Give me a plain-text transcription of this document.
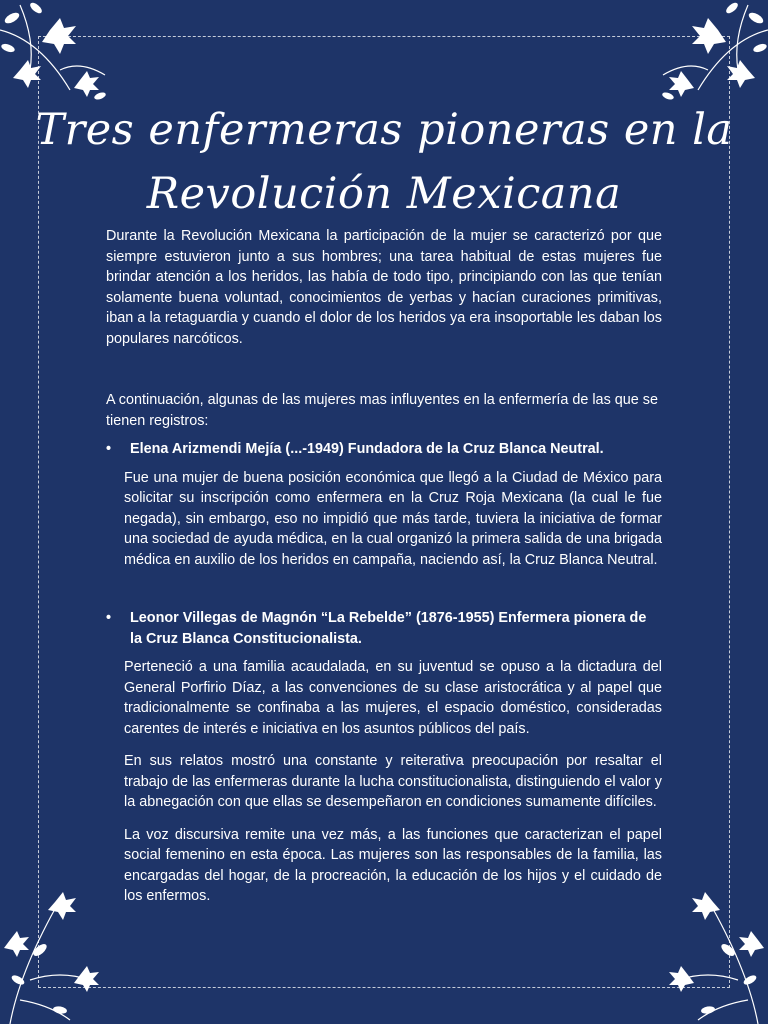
Tres enfermeras pioneras en la
Revolución Mexicana

Durante la Revolución Mexicana la participación de la mujer se caracterizó por que siempre estuvieron junto a sus hombres; una tarea habitual de estas mujeres fue brindar atención a los heridos, las había de todo tipo, principiando con las que tenían solamente buena voluntad, conocimientos de yerbas y hacían curaciones primitivas, iban a la retaguardia y cuando el dolor de los heridos ya era insoportable les daban los populares narcóticos.

A continuación, algunas de las mujeres mas influyentes en la enfermería de las que se tienen registros:

• Elena Arizmendi Mejía (...-1949) Fundadora de la Cruz Blanca Neutral.

Fue una mujer de buena posición económica que llegó a la Ciudad de México para solicitar su inscripción como enfermera en la Cruz Roja Mexicana (la cual le fue negada), sin embargo, eso no impidió que más tarde, tuviera la iniciativa de formar una sociedad de ayuda médica, en la cual organizó la primera salida de una brigada médica en auxilio de los heridos en campaña, naciendo así, la Cruz Blanca Neutral.

• Leonor Villegas de Magnón “La Rebelde” (1876-1955) Enfermera pionera de la Cruz Blanca Constitucionalista.

Perteneció a una familia acaudalada, en su juventud se opuso a la dictadura del General Porfirio Díaz, a las convenciones de su clase aristocrática y al papel que tradicionalmente se confinaba a las mujeres, el espacio doméstico, consideradas carentes de interés e iniciativa en los asuntos públicos del país.

En sus relatos mostró una constante y reiterativa preocupación por resaltar el trabajo de las enfermeras durante la lucha constitucionalista, distinguiendo el valor y la abnegación con que ellas se desempeñaron en condiciones sumamente difíciles.

La voz discursiva remite una vez más, a las funciones que caracterizan el papel social femenino en esta época. Las mujeres son las responsables de la familia, las encargadas del hogar, de la procreación, la educación de los hijos y el cuidado de los enfermos.
